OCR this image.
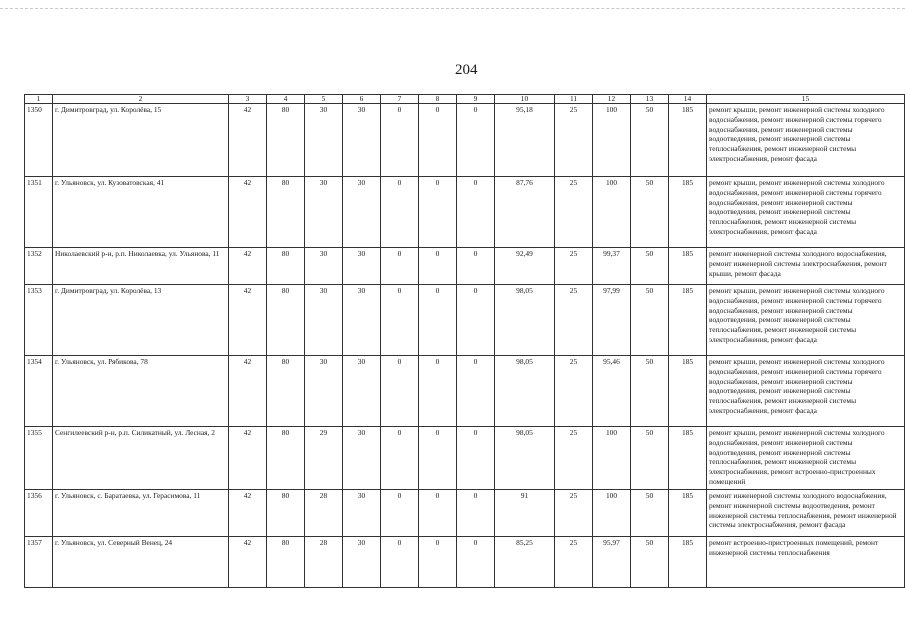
204
1	2	3	4	5	6	7	8	9	10	11	12	13	14	15
1350	г. Димитровград, ул. Королёва, 15	42	80	30	30	0	0	0	95,18	25	100	50	185	ремонт крыши, ремонт инженерной системы холодного водоснабжения, ремонт инженерной системы горячего водоснабжения, ремонт инженерной системы водоотведения, ремонт инженерной системы теплоснабжения, ремонт инженерной системы электроснабжения, ремонт фасада
1351	г. Ульяновск, ул. Кузоватовская, 41	42	80	30	30	0	0	0	87,76	25	100	50	185	ремонт крыши, ремонт инженерной системы холодного водоснабжения, ремонт инженерной системы горячего водоснабжения, ремонт инженерной системы водоотведения, ремонт инженерной системы теплоснабжения, ремонт инженерной системы электроснабжения, ремонт фасада
1352	Николаевский р-н, р.п. Николаевка, ул. Ульянова, 11	42	80	30	30	0	0	0	92,49	25	99,37	50	185	ремонт инженерной системы холодного водоснабжения, ремонт инженерной системы электроснабжения, ремонт крыши, ремонт фасада
1353	г. Димитровград, ул. Королёва, 13	42	80	30	30	0	0	0	98,05	25	97,99	50	185	ремонт крыши, ремонт инженерной системы холодного водоснабжения, ремонт инженерной системы горячего водоснабжения, ремонт инженерной системы водоотведения, ремонт инженерной системы теплоснабжения, ремонт инженерной системы электроснабжения, ремонт фасада
1354	г. Ульяновск, ул. Рябикова, 78	42	80	30	30	0	0	0	98,05	25	95,46	50	185	ремонт крыши, ремонт инженерной системы холодного водоснабжения, ремонт инженерной системы горячего водоснабжения, ремонт инженерной системы водоотведения, ремонт инженерной системы теплоснабжения, ремонт инженерной системы электроснабжения, ремонт фасада
1355	Сенгилеевский р-н, р.п. Силикатный, ул. Лесная, 2	42	80	29	30	0	0	0	98,05	25	100	50	185	ремонт крыши, ремонт инженерной системы холодного водоснабжения, ремонт инженерной системы водоотведения, ремонт инженерной системы теплоснабжения, ремонт инженерной системы электроснабжения, ремонт встроенно-пристроенных помещений
1356	г. Ульяновск, с. Баратаевка, ул. Герасимова, 11	42	80	28	30	0	0	0	91	25	100	50	185	ремонт инженерной системы холодного водоснабжения, ремонт инженерной системы водоотведения, ремонт инженерной системы теплоснабжения, ремонт инженерной системы электроснабжения, ремонт фасада
1357	г. Ульяновск, ул. Северный Венец, 24	42	80	28	30	0	0	0	85,25	25	95,97	50	185	ремонт встроенно-пристроенных помещений, ремонт инженерной системы теплоснабжения
